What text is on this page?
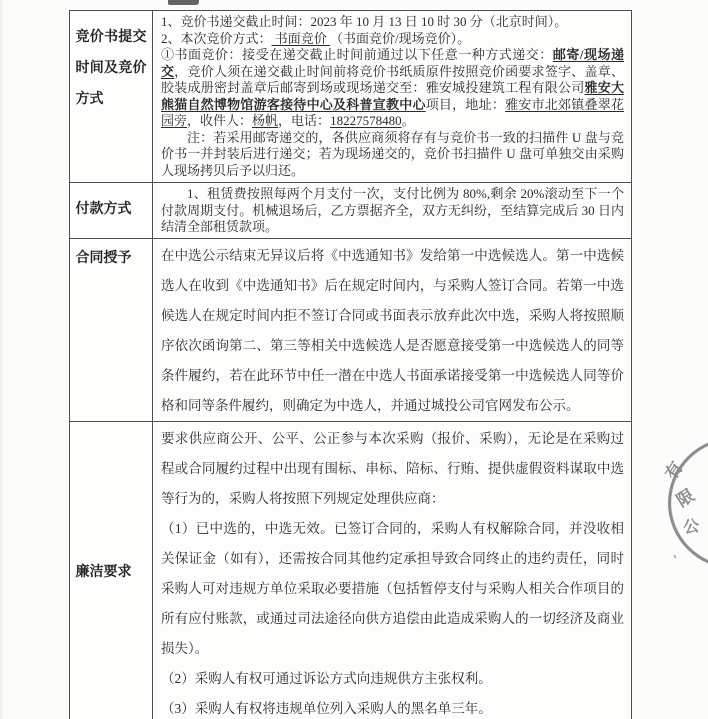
竞价书提交时间及竞价方式

1、竞价书递交截止时间：2023 年 10 月 13 日 10 时 30 分（北京时间）。

2、本次竞价方式： 书面竞价 （书面竞价/现场竞价）。

①书面竞价：接受在递交截止时间前通过以下任意一种方式递交：邮寄/现场递交，竞价人须在递交截止时间前将竞价书纸质原件按照竞价函要求签字、盖章、胶装成册密封盖章后邮寄到场或现场递交至：雅安城投建筑工程有限公司雅安大熊猫自然博物馆游客接待中心及科普宣教中心项目，地址：雅安市北郊镇叠翠花园旁，收件人：杨帆，电话：18227578480。

注：若采用邮寄递交的，各供应商须将存有与竞价书一致的扫描件 U 盘与竞价书一并封装后进行递交；若为现场递交的，竞价书扫描件 U 盘可单独交由采购人现场拷贝后予以归还。

付款方式

1、租赁费按照每两个月支付一次，支付比例为 80%,剩余 20%滚动至下一个付款周期支付。机械退场后，乙方票据齐全，双方无纠纷，至结算完成后 30 日内结清全部租赁款项。

合同授予	在中选公示结束无异议后将《中选通知书》发给第一中选候选人。第一中选候选人在收到《中选通知书》后在规定时间内，与采购人签订合同。若第一中选候选人在规定时间内拒不签订合同或书面表示放弃此次中选，采购人将按照顺序依次函询第二、第三等相关中选候选人是否愿意接受第一中选候选人的同等条件履约，若在此环节中任一潜在中选人书面承诺接受第一中选候选人同等价格和同等条件履约，则确定为中选人，并通过城投公司官网发布公示。

廉洁要求

要求供应商公开、公平、公正参与本次采购（报价、采购），无论是在采购过程或合同履约过程中出现有围标、串标、陪标、行贿、提供虚假资料谋取中选等行为的，采购人将按照下列规定处理供应商：

（1）已中选的，中选无效。已签订合同的，采购人有权解除合同，并没收相关保证金（如有），还需按合同其他约定承担导致合同终止的违约责任，同时采购人可对违规方单位采取必要措施（包括暂停支付与采购人相关合作项目的所有应付账款，或通过司法途径向供方追偿由此造成采购人的一切经济及商业损失）。

（2）采购人有权可通过诉讼方式向违规供方主张权利。

（3）采购人有权将违规单位列入采购人的黑名单三年。

有
限
公
、
